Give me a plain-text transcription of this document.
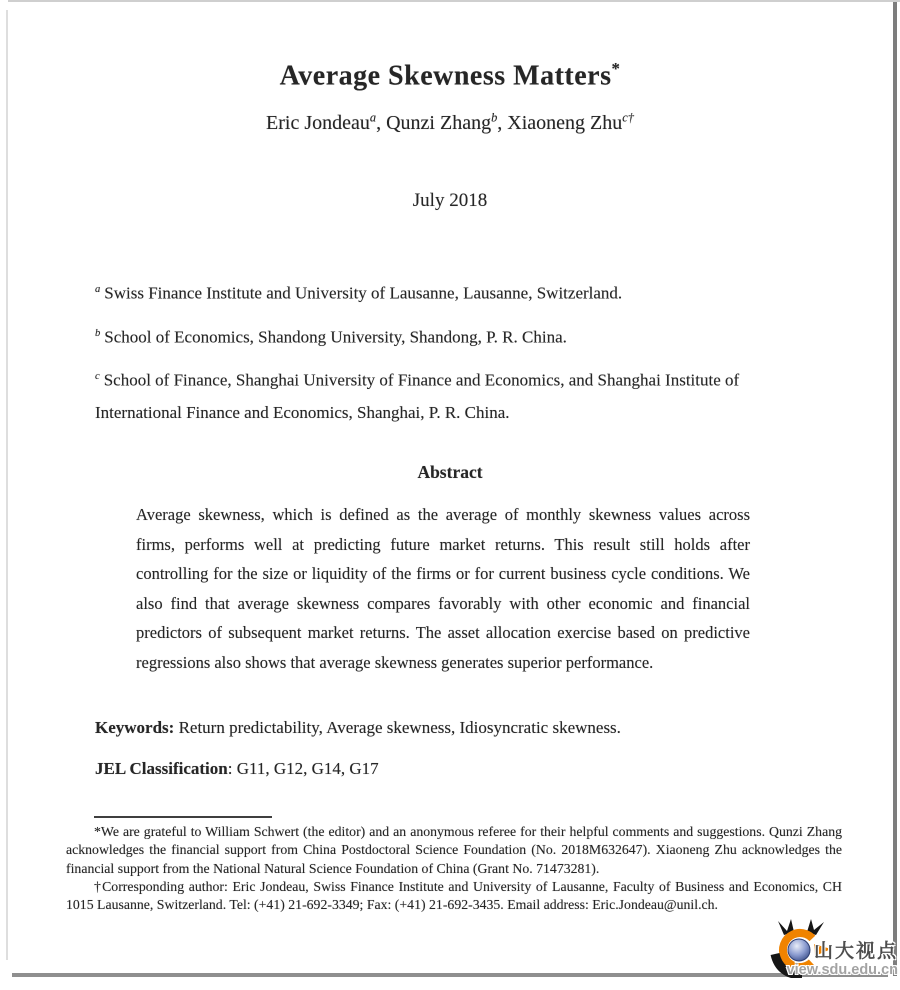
Average Skewness Matters*
Eric Jondeau$^a$, Qunzi Zhang$^b$, Xiaoneng Zhu$^{c\dagger}$
July 2018
$^a$ Swiss Finance Institute and University of Lausanne, Lausanne, Switzerland.
$^b$ School of Economics, Shandong University, Shandong, P. R. China.
$^c$ School of Finance, Shanghai University of Finance and Economics, and Shanghai Institute of International Finance and Economics, Shanghai, P. R. China.
Abstract
Average skewness, which is defined as the average of monthly skewness values across firms, performs well at predicting future market returns. This result still holds after controlling for the size or liquidity of the firms or for current business cycle conditions. We also find that average skewness compares favorably with other economic and financial predictors of subsequent market returns. The asset allocation exercise based on predictive regressions also shows that average skewness generates superior performance.
Keywords: Return predictability, Average skewness, Idiosyncratic skewness.
JEL Classification: G11, G12, G14, G17

*We are grateful to William Schwert (the editor) and an anonymous referee for their helpful comments and suggestions. Qunzi Zhang acknowledges the financial support from China Postdoctoral Science Foundation (No. 2018M632647). Xiaoneng Zhu acknowledges the financial support from the National Natural Science Foundation of China (Grant No. 71473281).

†Corresponding author: Eric Jondeau, Swiss Finance Institute and University of Lausanne, Faculty of Business and Economics, CH 1015 Lausanne, Switzerland. Tel: (+41) 21-692-3349; Fax: (+41) 21-692-3435. Email address: Eric.Jondeau@unil.ch.

山大视点
view.sdu.edu.cn
